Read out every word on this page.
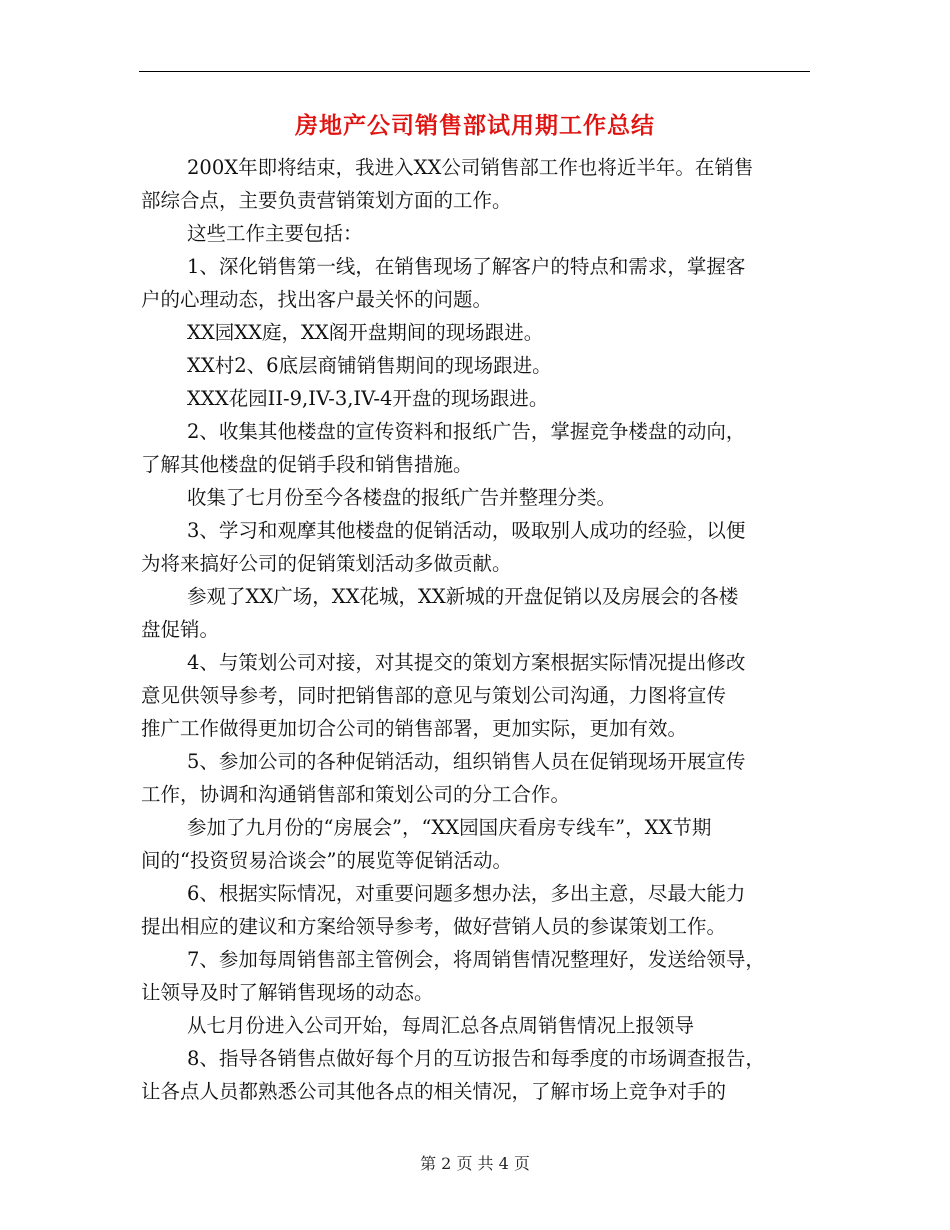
房地产公司销售部试用期工作总结
200X年即将结束，我进入XX公司销售部工作也将近半年。在销售
部综合点，主要负责营销策划方面的工作。
这些工作主要包括：
1、深化销售第一线，在销售现场了解客户的特点和需求，掌握客
户的心理动态，找出客户最关怀的问题。
XX园XX庭，XX阁开盘期间的现场跟进。
XX村2、6底层商铺销售期间的现场跟进。
XXX花园II-9,IV-3,IV-4开盘的现场跟进。
2、收集其他楼盘的宣传资料和报纸广告，掌握竞争楼盘的动向，
了解其他楼盘的促销手段和销售措施。
收集了七月份至今各楼盘的报纸广告并整理分类。
3、学习和观摩其他楼盘的促销活动，吸取别人成功的经验，以便
为将来搞好公司的促销策划活动多做贡献。
参观了XX广场，XX花城，XX新城的开盘促销以及房展会的各楼
盘促销。
4、与策划公司对接，对其提交的策划方案根据实际情况提出修改
意见供领导参考，同时把销售部的意见与策划公司沟通，力图将宣传
推广工作做得更加切合公司的销售部署，更加实际，更加有效。
5、参加公司的各种促销活动，组织销售人员在促销现场开展宣传
工作，协调和沟通销售部和策划公司的分工合作。
参加了九月份的“房展会”，“XX园国庆看房专线车”，XX节期
间的“投资贸易洽谈会”的展览等促销活动。
6、根据实际情况，对重要问题多想办法，多出主意，尽最大能力
提出相应的建议和方案给领导参考，做好营销人员的参谋策划工作。
7、参加每周销售部主管例会，将周销售情况整理好，发送给领导，
让领导及时了解销售现场的动态。
从七月份进入公司开始，每周汇总各点周销售情况上报领导
8、指导各销售点做好每个月的互访报告和每季度的市场调查报告，
让各点人员都熟悉公司其他各点的相关情况，了解市场上竞争对手的
第 2 页 共 4 页
